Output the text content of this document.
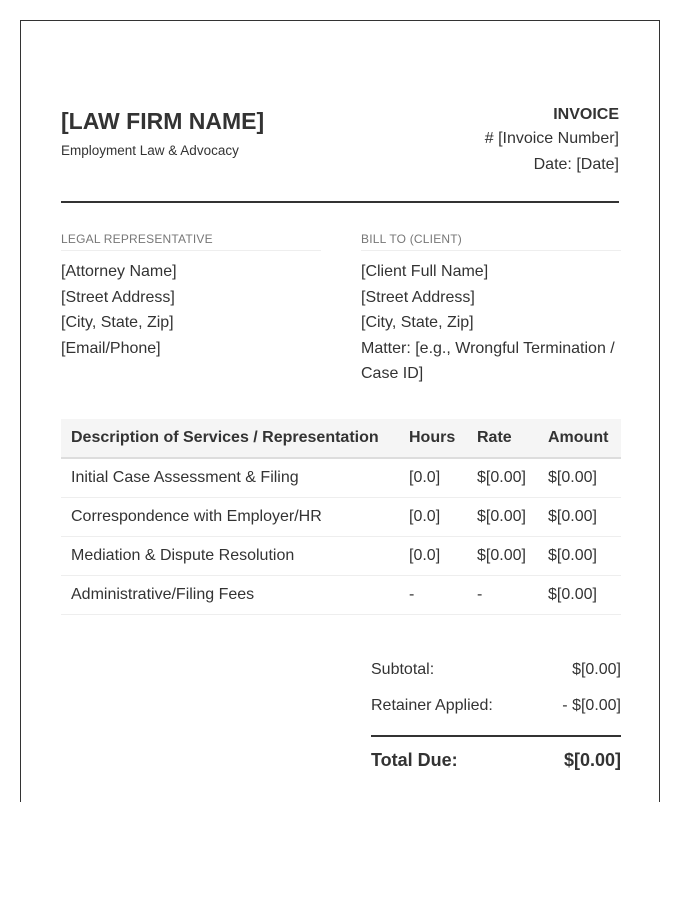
[LAW FIRM NAME]
Employment Law & Advocacy
INVOICE
# [Invoice Number]
Date: [Date]
LEGAL REPRESENTATIVE
[Attorney Name]
[Street Address]
[City, State, Zip]
[Email/Phone]
BILL TO (CLIENT)
[Client Full Name]
[Street Address]
[City, State, Zip]
Matter: [e.g., Wrongful Termination /
Case ID]
Description of Services / Representation	Hours	Rate	Amount
Initial Case Assessment & Filing	[0.0]	$[0.00]	$[0.00]
Correspondence with Employer/HR	[0.0]	$[0.00]	$[0.00]
Mediation & Dispute Resolution	[0.0]	$[0.00]	$[0.00]
Administrative/Filing Fees	-	-	$[0.00]
Subtotal:	$[0.00]
Retainer Applied:	- $[0.00]
Total Due:	$[0.00]
